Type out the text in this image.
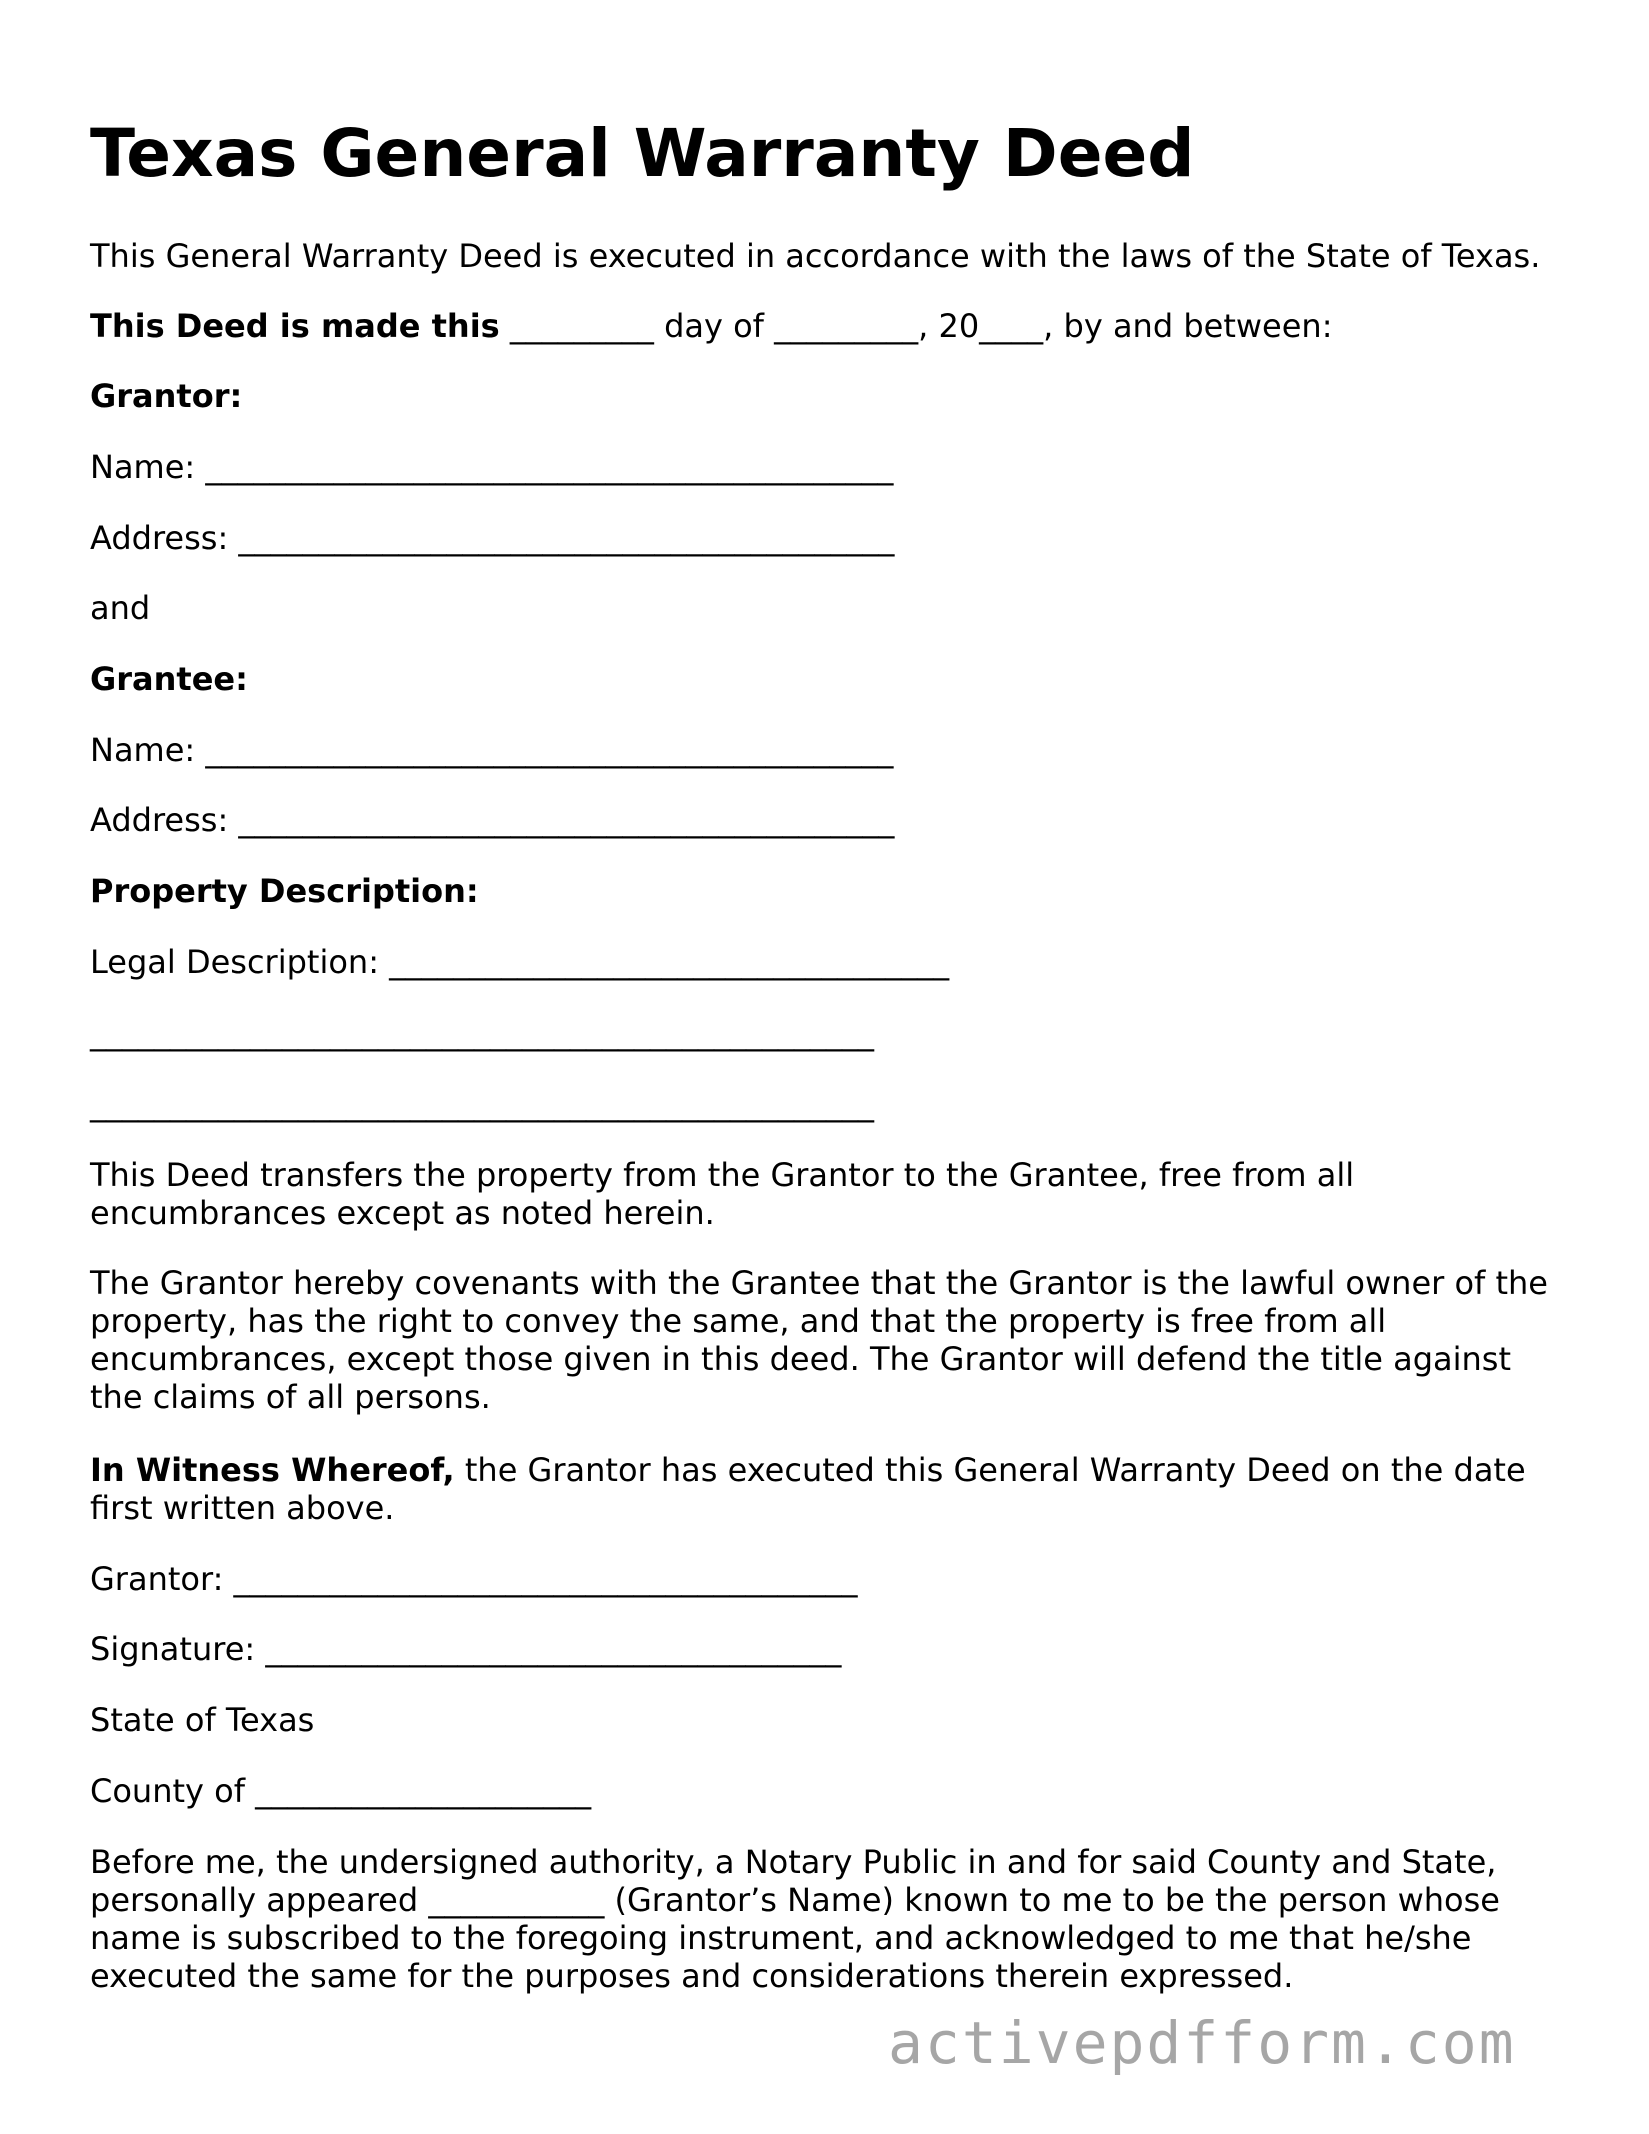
Texas General Warranty Deed

This General Warranty Deed is executed in accordance with the laws of the State of Texas.

This Deed is made this _________ day of _________, 20____, by and between:

Grantor:

Name: ___________________________________________

Address: _________________________________________

and

Grantee:

Name: ___________________________________________

Address: _________________________________________

Property Description:

Legal Description: ___________________________________

_________________________________________________

_________________________________________________

This Deed transfers the property from the Grantor to the Grantee, free from all encumbrances except as noted herein.

The Grantor hereby covenants with the Grantee that the Grantor is the lawful owner of the property, has the right to convey the same, and that the property is free from all encumbrances, except those given in this deed. The Grantor will defend the title against the claims of all persons.

In Witness Whereof, the Grantor has executed this General Warranty Deed on the date first written above.

Grantor: _______________________________________

Signature: ____________________________________

State of Texas

County of _____________________

Before me, the undersigned authority, a Notary Public in and for said County and State, personally appeared ___________ (Grantor’s Name) known to me to be the person whose name is subscribed to the foregoing instrument, and acknowledged to me that he/she executed the same for the purposes and considerations therein expressed.

activepdfform.com
